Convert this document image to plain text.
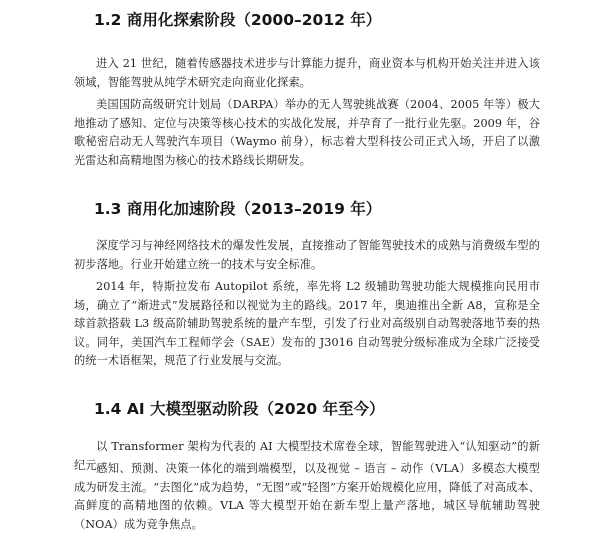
1.2 商用化探索阶段（2000–2012 年）
进入 21 世纪，随着传感器技术进步与计算能力提升，商业资本与机构开始关注并进入该领域，智能驾驶从纯学术研究走向商业化探索。
美国国防高级研究计划局（DARPA）举办的无人驾驶挑战赛（2004、2005 年等）极大地推动了感知、定位与决策等核心技术的实战化发展，并孕育了一批行业先驱。2009 年，谷歌秘密启动无人驾驶汽车项目（Waymo 前身），标志着大型科技公司正式入场，开启了以激光雷达和高精地图为核心的技术路线长期研发。
1.3 商用化加速阶段（2013–2019 年）
深度学习与神经网络技术的爆发性发展，直接推动了智能驾驶技术的成熟与消费级车型的初步落地。行业开始建立统一的技术与安全标准。
2014 年，特斯拉发布 Autopilot 系统，率先将 L2 级辅助驾驶功能大规模推向民用市场，确立了“渐进式”发展路径和以视觉为主的路线。2017 年，奥迪推出全新 A8，宣称是全球首款搭载 L3 级高阶辅助驾驶系统的量产车型，引发了行业对高级别自动驾驶落地节奏的热议。同年，美国汽车工程师学会（SAE）发布的 J3016 自动驾驶分级标准成为全球广泛接受的统一术语框架，规范了行业发展与交流。
1.4 AI 大模型驱动阶段（2020 年至今）
以 Transformer 架构为代表的 AI 大模型技术席卷全球，智能驾驶进入“认知驱动”的新纪元。
感知、预测、决策一体化的端到端模型，以及视觉 – 语言 – 动作（VLA）多模态大模型成为研发主流。“去图化”成为趋势，“无图”或“轻图”方案开始规模化应用，降低了对高成本、高鲜度的高精地图的依赖。VLA 等大模型开始在新车型上量产落地，城区导航辅助驾驶（NOA）成为竞争焦点。
